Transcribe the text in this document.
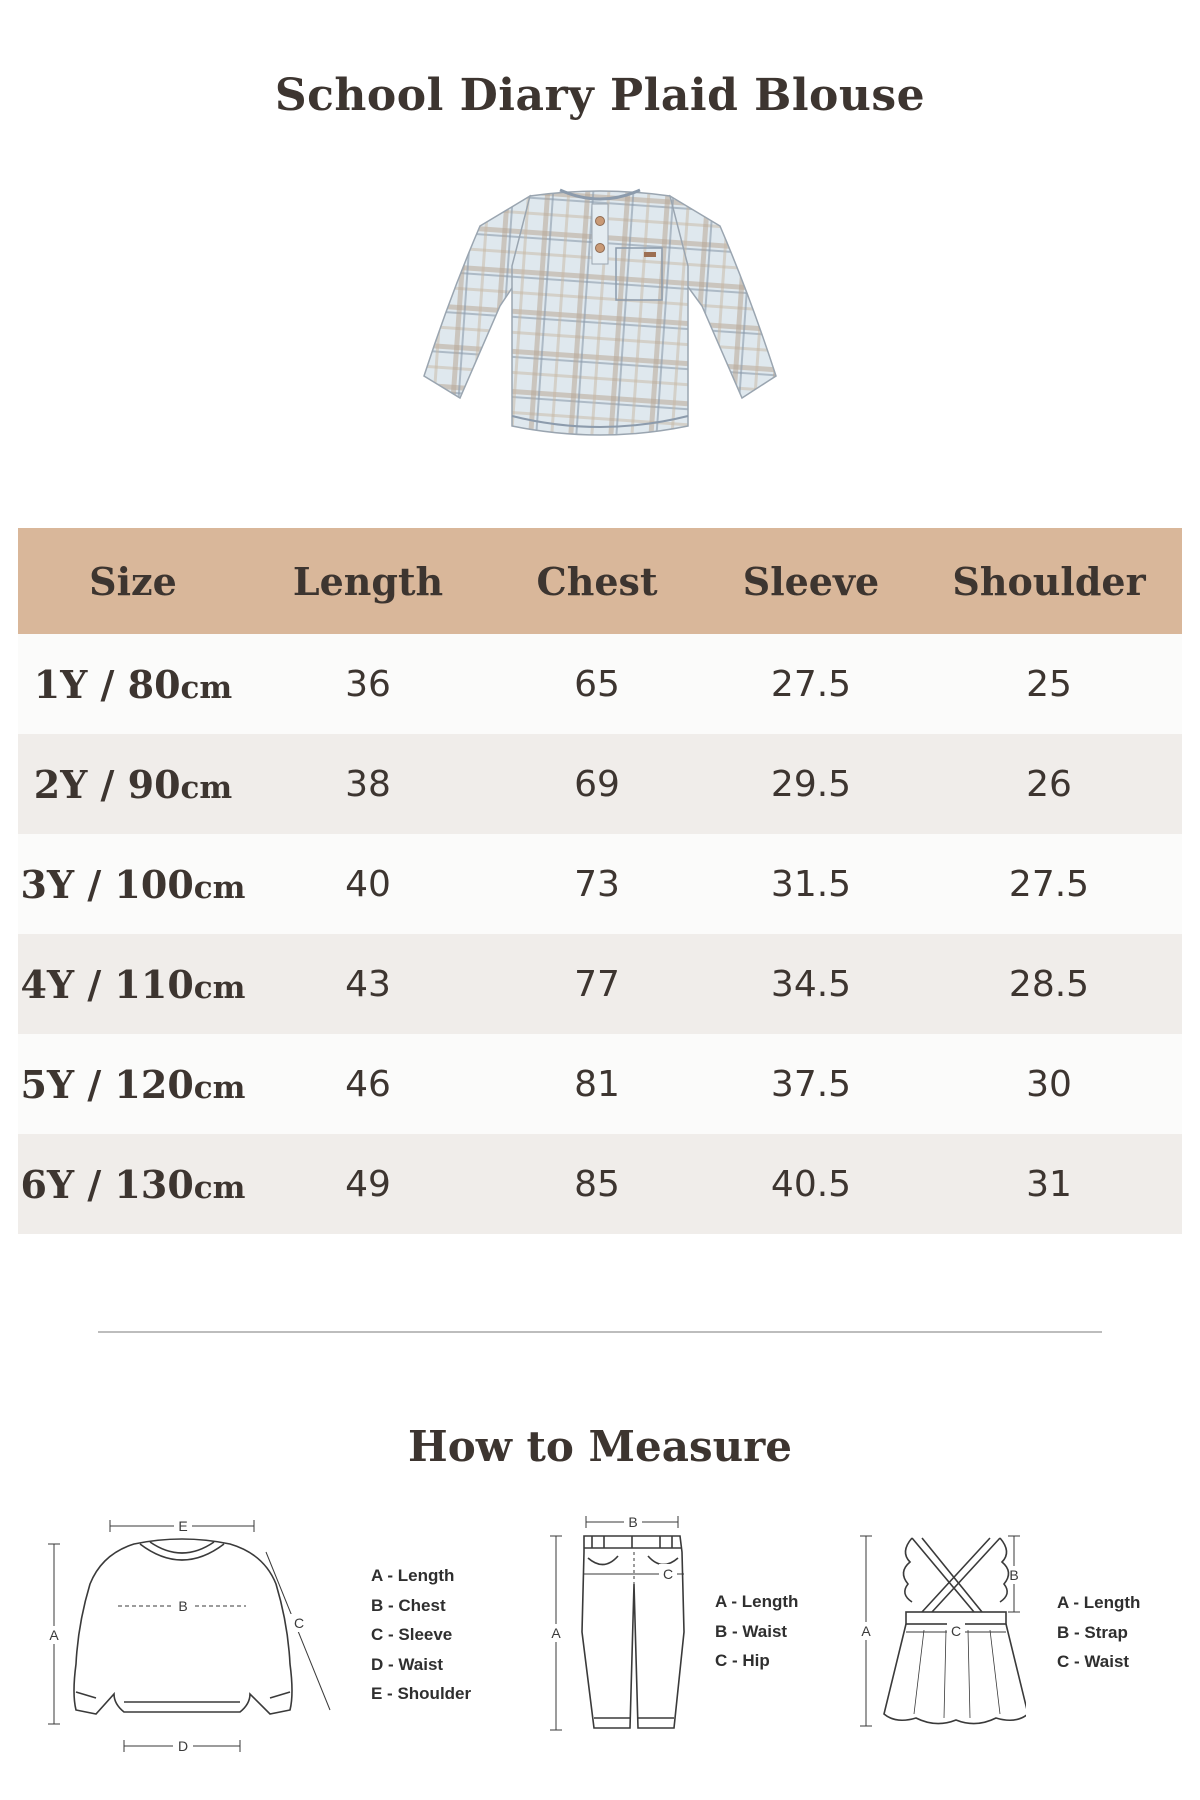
School Diary Plaid Blouse
Size	Length	Chest	Sleeve	Shoulder
1Y / 80cm	36	65	27.5	25
2Y / 90cm	38	69	29.5	26
3Y / 100cm	40	73	31.5	27.5
4Y / 110cm	43	77	34.5	28.5
5Y / 120cm	46	81	37.5	30
6Y / 130cm	49	85	40.5	31
How to Measure
E
A
B
C
D
A - Length
B - Chest
C - Sleeve
D - Waist
E - Shoulder
B
A
C
A - Length
B - Waist
C - Hip
A
B
C
A - Length
B - Strap
C - Waist
